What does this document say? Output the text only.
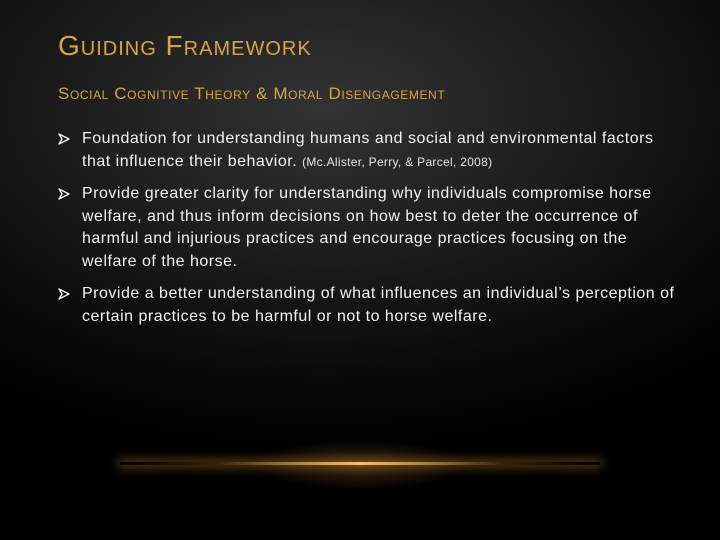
Guiding Framework
Social Cognitive Theory & Moral Disengagement
Foundation for understanding humans and social and environmental factors that influence their behavior. (Mc.Alister, Perry, & Parcel, 2008)
Provide greater clarity for understanding why individuals compromise horse welfare, and thus inform decisions on how best to deter the occurrence of harmful and injurious practices and encourage practices focusing on the welfare of the horse.
Provide a better understanding of what influences an individual’s perception of certain practices to be harmful or not to horse welfare.
